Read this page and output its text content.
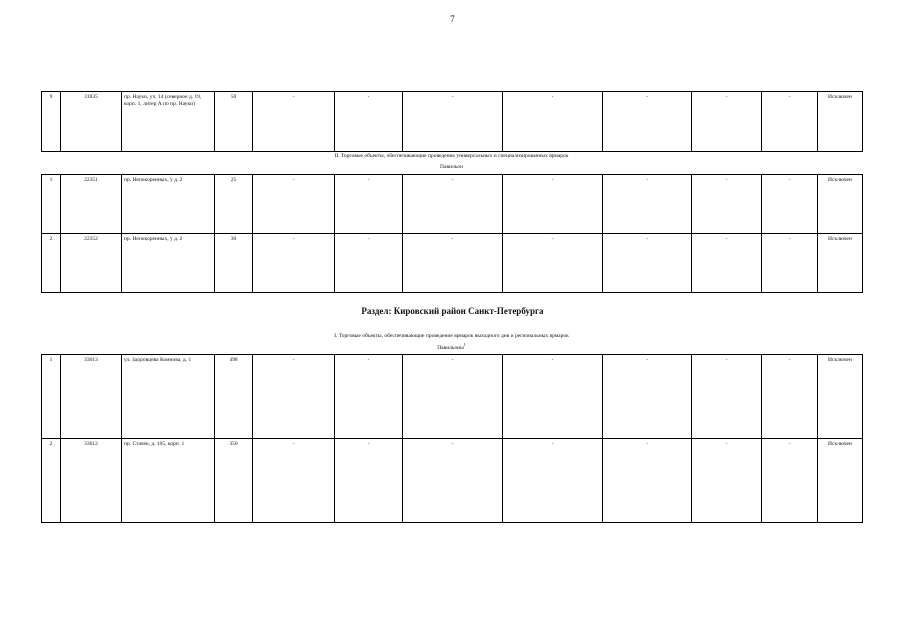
7
9	31835	пр. Науки, уч. 14 (северное д. 19, корп. 1, литер А по пр. Науки)	50	-	-	-	-	-	-	-	Исключен
II. Торговые объекты, обеспечивающие проведение универсальных и специализированных ярмарок
Павильон
1	22351	пр. Непокоренных, у д. 2	25	-	-	-	-	-	-	-	Исключен
2	22352	пр. Непокоренных, у д. 2	30	-	-	-	-	-	-	-	Исключен
Раздел: Кировский район Санкт-Петербурга
I. Торговые объекты, обеспечивающие проведение ярмарок выходного дня и региональных ярмарок
Павильоны$^1$
1	33013	ул. Здоровцева Комнова, д. 1	498	-	-	-	-	-	-	-	Исключен
2	33012	пр. Стачек, д. 105, корп. 1	350	-	-	-	-	-	-	-	Исключен
